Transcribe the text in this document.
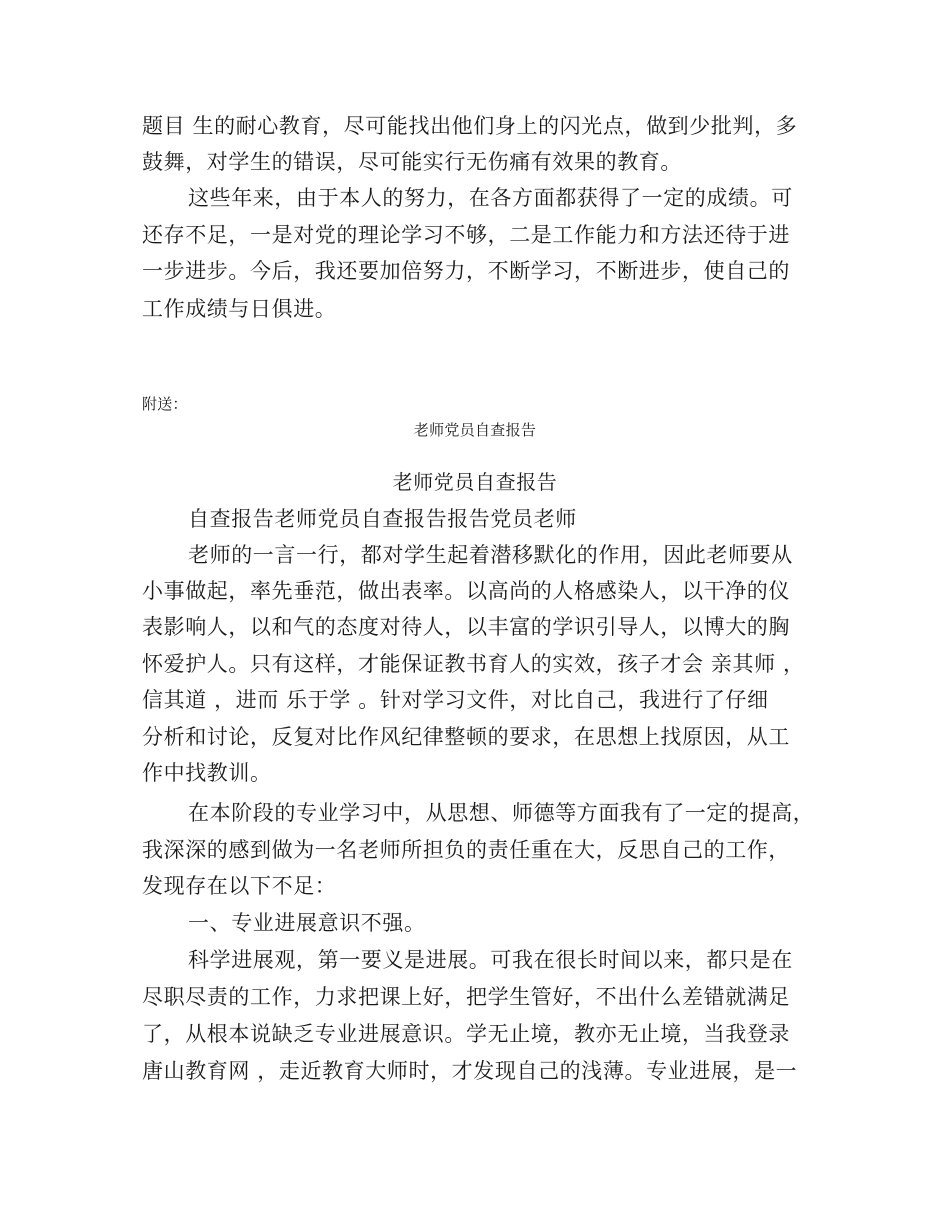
题目 生的耐心教育，尽可能找出他们身上的闪光点，做到少批判，多
鼓舞，对学生的错误，尽可能实行无伤痛有效果的教育。
这些年来，由于本人的努力，在各方面都获得了一定的成绩。可
还存不足，一是对党的理论学习不够，二是工作能力和方法还待于进
一步进步。今后，我还要加倍努力，不断学习，不断进步，使自己的
工作成绩与日俱进。
附送：
老师党员自查报告
老师党员自查报告
自查报告老师党员自查报告报告党员老师
老师的一言一行，都对学生起着潜移默化的作用，因此老师要从
小事做起，率先垂范，做出表率。以高尚的人格感染人，以干净的仪
表影响人，以和气的态度对待人，以丰富的学识引导人，以博大的胸
怀爱护人。只有这样，才能保证教书育人的实效，孩子才会 亲其师 ，
信其道 ，进而 乐于学 。针对学习文件，对比自己，我进行了仔细
分析和讨论，反复对比作风纪律整顿的要求，在思想上找原因，从工
作中找教训。
在本阶段的专业学习中，从思想、师德等方面我有了一定的提高，
我深深的感到做为一名老师所担负的责任重在大，反思自己的工作，
发现存在以下不足：
一、专业进展意识不强。
科学进展观，第一要义是进展。可我在很长时间以来，都只是在
尽职尽责的工作，力求把课上好，把学生管好，不出什么差错就满足
了，从根本说缺乏专业进展意识。学无止境，教亦无止境，当我登录
唐山教育网 ，走近教育大师时，才发现自己的浅薄。专业进展，是一
